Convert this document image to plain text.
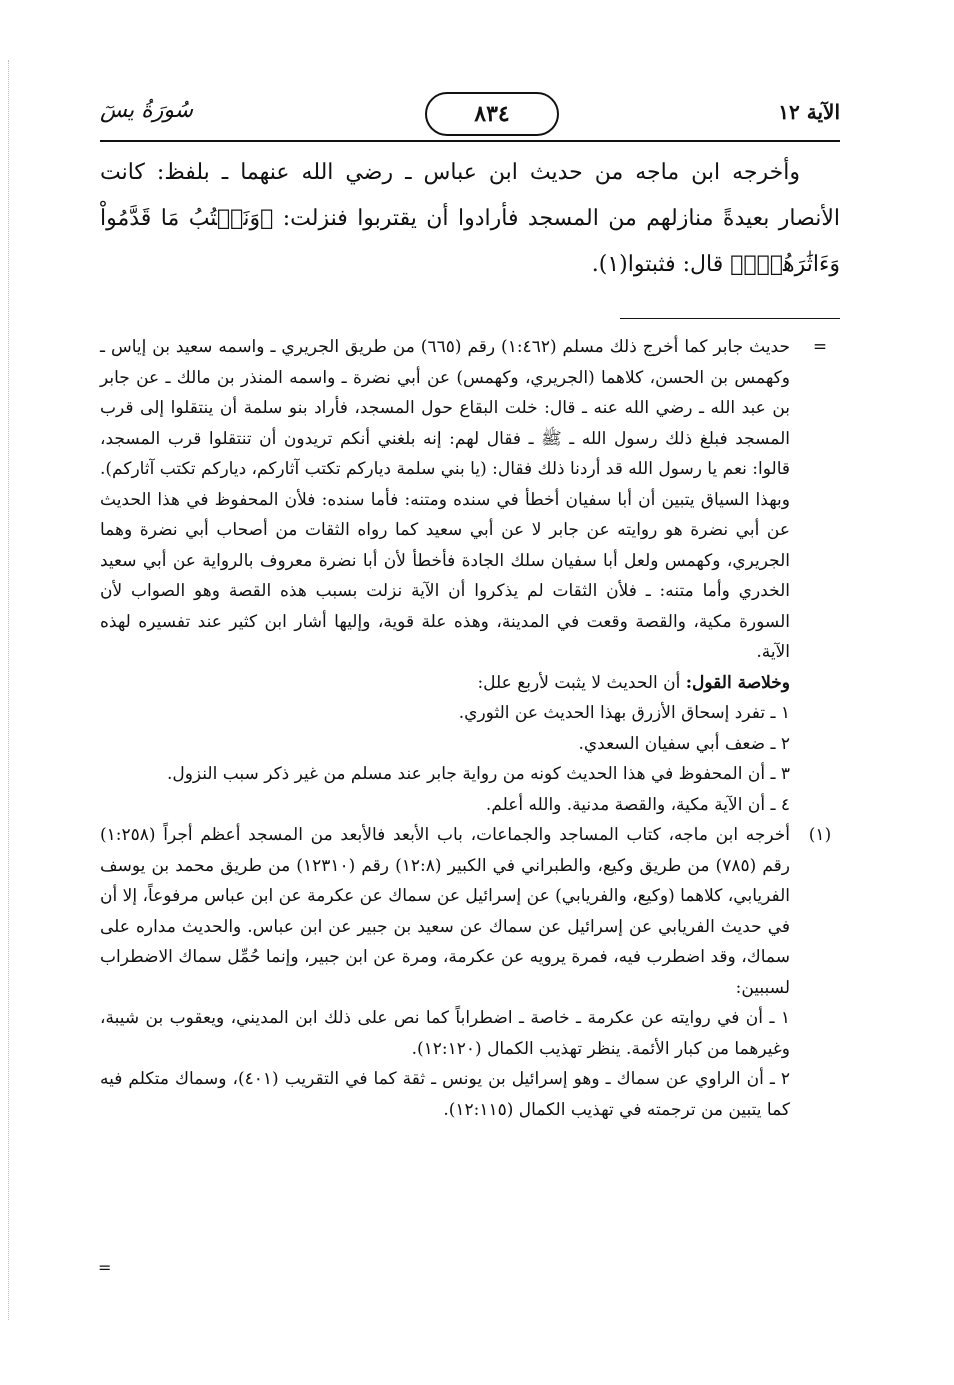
الآية ١٢
٨٣٤
سُورَةُ يسٓ

وأخرجه ابن ماجه من حديث ابن عباس ـ رضي الله عنهما ـ بلفظ: كانت الأنصار بعيدةً منازلهم من المسجد فأرادوا أن يقتربوا فنزلت: ﴿وَنَكۡتُبُ مَا قَدَّمُواْ وَءَاثَٰرَهُمۡۚ﴾ قال: فثبتوا(١).

=

حديث جابر كما أخرج ذلك مسلم (١:٤٦٢) رقم (٦٦٥) من طريق الجريري ـ واسمه سعيد بن إياس ـ وكهمس بن الحسن، كلاهما (الجريري، وكهمس) عن أبي نضرة ـ واسمه المنذر بن مالك ـ عن جابر بن عبد الله ـ رضي الله عنه ـ قال: خلت البقاع حول المسجد، فأراد بنو سلمة أن ينتقلوا إلى قرب المسجد فبلغ ذلك رسول الله ـ ﷺ ـ فقال لهم: إنه بلغني أنكم تريدون أن تنتقلوا قرب المسجد، قالوا: نعم يا رسول الله قد أردنا ذلك فقال: (يا بني سلمة دياركم تكتب آثاركم، دياركم تكتب آثاركم). وبهذا السياق يتبين أن أبا سفيان أخطأ في سنده ومتنه: فأما سنده: فلأن المحفوظ في هذا الحديث عن أبي نضرة هو روايته عن جابر لا عن أبي سعيد كما رواه الثقات من أصحاب أبي نضرة وهما الجريري، وكهمس ولعل أبا سفيان سلك الجادة فأخطأ لأن أبا نضرة معروف بالرواية عن أبي سعيد الخدري وأما متنه: ـ فلأن الثقات لم يذكروا أن الآية نزلت بسبب هذه القصة وهو الصواب لأن السورة مكية، والقصة وقعت في المدينة، وهذه علة قوية، وإليها أشار ابن كثير عند تفسيره لهذه الآية.

وخلاصة القول: أن الحديث لا يثبت لأربع علل:

١ ـ تفرد إسحاق الأزرق بهذا الحديث عن الثوري.

٢ ـ ضعف أبي سفيان السعدي.

٣ ـ أن المحفوظ في هذا الحديث كونه من رواية جابر عند مسلم من غير ذكر سبب النزول.

٤ ـ أن الآية مكية، والقصة مدنية. والله أعلم.

(١)

أخرجه ابن ماجه، كتاب المساجد والجماعات، باب الأبعد فالأبعد من المسجد أعظم أجراً (١:٢٥٨) رقم (٧٨٥) من طريق وكيع، والطبراني في الكبير (١٢:٨) رقم (١٢٣١٠) من طريق محمد بن يوسف الفريابي، كلاهما (وكيع، والفريابي) عن إسرائيل عن سماك عن عكرمة عن ابن عباس مرفوعاً، إلا أن في حديث الفريابي عن إسرائيل عن سماك عن سعيد بن جبير عن ابن عباس. والحديث مداره على سماك، وقد اضطرب فيه، فمرة يرويه عن عكرمة، ومرة عن ابن جبير، وإنما حُمِّل سماك الاضطراب لسببين:

١ ـ أن في روايته عن عكرمة ـ خاصة ـ اضطراباً كما نص على ذلك ابن المديني، ويعقوب بن شيبة، وغيرهما من كبار الأئمة. ينظر تهذيب الكمال (١٢:١٢٠).

٢ ـ أن الراوي عن سماك ـ وهو إسرائيل بن يونس ـ ثقة كما في التقريب (٤٠١)، وسماك متكلم فيه كما يتبين من ترجمته في تهذيب الكمال (١٢:١١٥).

=
